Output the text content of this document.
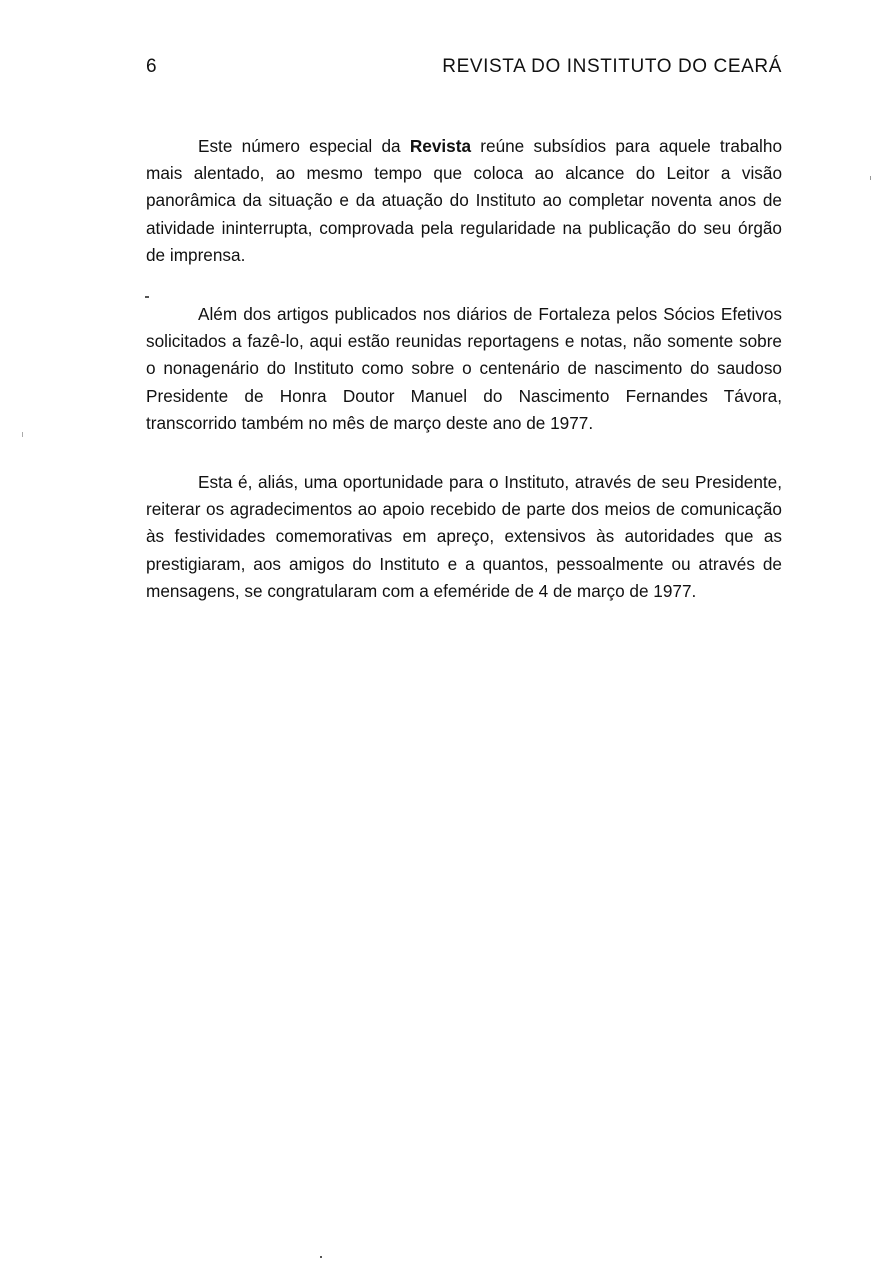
6	REVISTA DO INSTITUTO DO CEARÁ

Este número especial da Revista reúne subsídios para aquele trabalho mais alentado, ao mesmo tempo que coloca ao alcance do Leitor a visão panorâmica da situação e da atuação do Instituto ao completar noventa anos de atividade ininterrupta, comprovada pela regularidade na publicação do seu órgão de imprensa.

Além dos artigos publicados nos diários de Fortaleza pelos Sócios Efetivos solicitados a fazê-lo, aqui estão reunidas reportagens e notas, não somente sobre o nonagenário do Instituto como sobre o centenário de nascimento do saudoso Presidente de Honra Doutor Manuel do Nascimento Fernandes Távora, transcorrido também no mês de março deste ano de 1977.

Esta é, aliás, uma oportunidade para o Instituto, através de seu Presidente, reiterar os agradecimentos ao apoio recebido de parte dos meios de comunicação às festividades comemorativas em apreço, extensivos às autoridades que as prestigiaram, aos amigos do Instituto e a quantos, pessoalmente ou através de mensagens, se congratularam com a efeméride de 4 de março de 1977.
